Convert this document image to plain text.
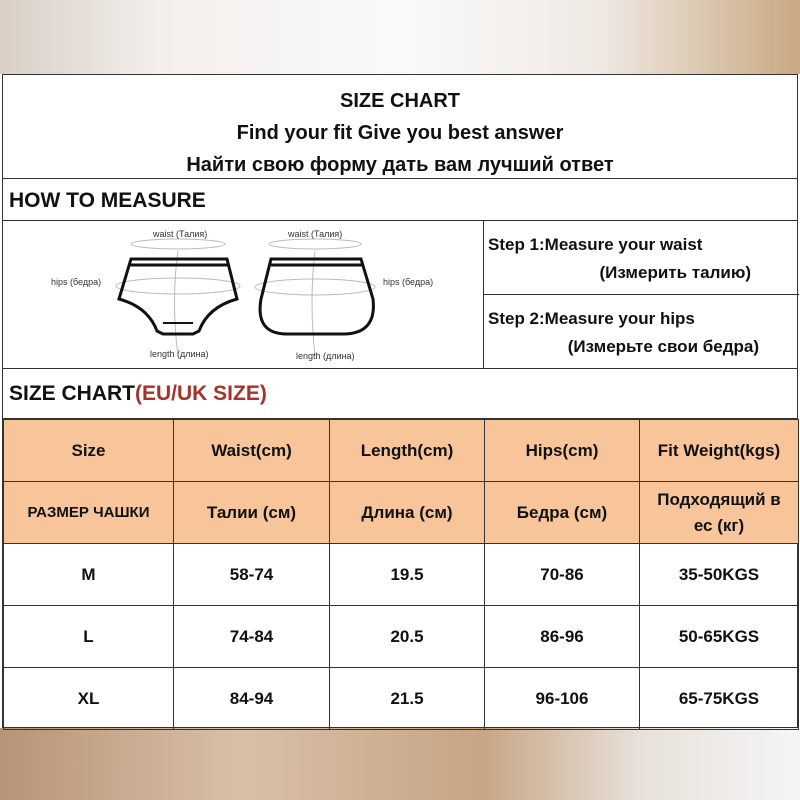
SIZE CHART
Find your fit Give you best answer
Найти свою форму дать вам лучший ответ
HOW TO MEASURE
waist (Талия)	waist (Талия)
hips (бедра)	hips (бедра)
length (длина)	length (длина)
Step 1:Measure your waist
(Измерить талию)
Step 2:Measure your hips
(Измерьте свои бедра)
SIZE CHART(EU/UK SIZE)
Size	Waist(cm)	Length(cm)	Hips(cm)	Fit Weight(kgs)
РАЗМЕР ЧАШКИ	Талии (см)	Длина (см)	Бедра (см)	Подходящий в ес (кг)
M	58-74	19.5	70-86	35-50KGS
L	74-84	20.5	86-96	50-65KGS
XL	84-94	21.5	96-106	65-75KGS
